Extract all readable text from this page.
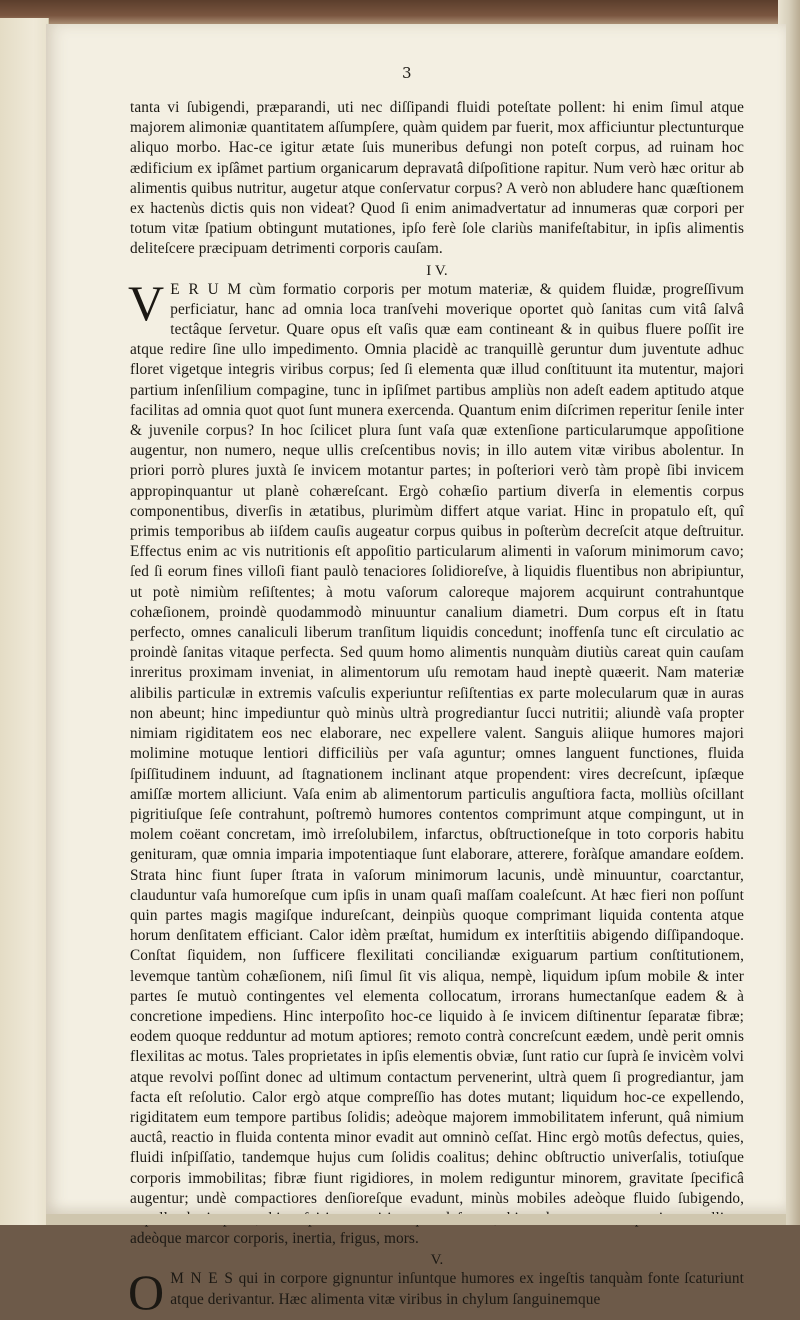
3

tanta vi ſubigendi, præparandi, uti nec diſſipandi fluidi poteſtate pollent: hi enim ſimul atque majorem alimoniæ quantitatem aſſumpſere, quàm quidem par fuerit, mox afficiuntur plectunturque aliquo morbo. Hac-ce igitur ætate ſuis muneribus defungi non poteſt corpus, ad ruinam hoc ædificium ex ipſâmet partium organicarum depravatâ diſpoſitione rapitur. Num verò hæc oritur ab alimentis quibus nutritur, augetur atque conſervatur corpus? A verò non abludere hanc quæſtionem ex hactenùs dictis quis non videat? Quod ſi enim animadvertatur ad innumeras quæ corpori per totum vitæ ſpatium obtingunt mutationes, ipſo ferè ſole clariùs manifeſtabitur, in ipſis alimentis deliteſcere præcipuam detrimenti corporis cauſam.

I V.
V E R U M cùm formatio corporis per motum materiæ, & quidem fluidæ, progreſſivum perficiatur, hanc ad omnia loca tranſvehi moverique oportet quò ſanitas cum vitâ ſalvâ tectâque ſervetur. Quare opus eſt vaſis quæ eam contineant & in quibus fluere poſſit ire atque redire ſine ullo impedimento. Omnia placidè ac tranquillè geruntur dum juventute adhuc floret vigetque integris viribus corpus; ſed ſi elementa quæ illud conſtituunt ita mutentur, majori partium inſenſilium compagine, tunc in ipſiſmet partibus ampliùs non adeſt eadem aptitudo atque facilitas ad omnia quot quot ſunt munera exercenda. Quantum enim diſcrimen reperitur ſenile inter & juvenile corpus? In hoc ſcilicet plura ſunt vaſa quæ extenſione particularumque appoſitione augentur, non numero, neque ullis creſcentibus novis; in illo autem vitæ viribus abolentur. In priori porrò plures juxtà ſe invicem motantur partes; in poſteriori verò tàm propè ſibi invicem appropinquantur ut planè cohæreſcant. Ergò cohæſio partium diverſa in elementis corpus componentibus, diverſis in ætatibus, plurimùm differt atque variat. Hinc in propatulo eſt, quî primis temporibus ab iiſdem cauſis augeatur corpus quibus in poſterùm decreſcit atque deſtruitur. Effectus enim ac vis nutritionis eſt appoſitio particularum alimenti in vaſorum minimorum cavo; ſed ſi eorum fines villoſi fiant paulò tenaciores ſolidioreſve, à liquidis fluentibus non abripiuntur, ut potè nimiùm reſiſtentes; à motu vaſorum caloreque majorem acquirunt contrahuntque cohæſionem, proindè quodammodò minuuntur canalium diametri. Dum corpus eſt in ſtatu perfecto, omnes canaliculi liberum tranſitum liquidis concedunt; inoffenſa tunc eſt circulatio ac proindè ſanitas vitaque perfecta. Sed quum homo alimentis nunquàm diutiùs careat quin cauſam inreritus proximam inveniat, in alimentorum uſu remotam haud ineptè quæerit. Nam materiæ alibilis particulæ in extremis vaſculis experiuntur reſiſtentias ex parte molecularum quæ in auras non abeunt; hinc impediuntur quò minùs ultrà progrediantur ſucci nutritii; aliundè vaſa propter nimiam rigiditatem eos nec elaborare, nec expellere valent. Sanguis aliique humores majori molimine motuque lentiori difficiliùs per vaſa aguntur; omnes languent functiones, fluida ſpiſſitudinem induunt, ad ſtagnationem inclinant atque propendent: vires decreſcunt, ipſæque amiſſæ mortem alliciunt. Vaſa enim ab alimentorum particulis anguſtiora facta, molliùs oſcillant pigritiuſque ſeſe contrahunt, poſtremò humores contentos comprimunt atque compingunt, ut in molem coëant concretam, imò irreſolubilem, infarctus, obſtructioneſque in toto corporis habitu genituram, quæ omnia imparia impotentiaque ſunt elaborare, atterere, foràſque amandare eoſdem. Strata hinc fiunt ſuper ſtrata in vaſorum minimorum lacunis, undè minuuntur, coarctantur, clauduntur vaſa humoreſque cum ipſis in unam quaſi maſſam coaleſcunt. At hæc fieri non poſſunt quin partes magis magiſque indureſcant, deinpiùs quoque comprimant liquida contenta atque horum denſitatem efficiant. Calor idèm præſtat, humidum ex interſtitiis abigendo diſſipandoque. Conſtat ſiquidem, non ſufficere flexilitati conciliandæ exiguarum partium conſtitutionem, levemque tantùm cohæſionem, niſi ſimul ſit vis aliqua, nempè, liquidum ipſum mobile & inter partes ſe mutuò contingentes vel elementa collocatum, irrorans humectanſque eadem & à concretione impediens. Hinc interpoſito hoc-ce liquido à ſe invicem diſtinentur ſeparatæ fibræ; eodem quoque redduntur ad motum aptiores; remoto contrà concreſcunt eædem, undè perit omnis flexilitas ac motus. Tales proprietates in ipſis elementis obviæ, ſunt ratio cur ſuprà ſe invicèm volvi atque revolvi poſſint donec ad ultimum contactum pervenerint, ultrà quem ſi progrediantur, jam facta eſt reſolutio. Calor ergò atque compreſſio has dotes mutant; liquidum hoc-ce expellendo, rigiditatem eum tempore partibus ſolidis; adeòque majorem immobilitatem inferunt, quâ nimium auctâ, reactio in fluida contenta minor evadit aut omninò ceſſat. Hinc ergò motûs defectus, quies, fluidi inſpiſſatio, tandemque hujus cum ſolidis coalitus; dehinc obſtructio univerſalis, totiuſque corporis immobilitas; fibræ fiunt rigidiores, in molem rediguntur minorem, gravitate ſpecificâ augentur; undè compactiores denſioreſque evadunt, minùs mobiles adeòque fluido ſubigendo, adeòque marcor corporis, inertia, frigus, mors.
V.
O M N E S qui in corpore gignuntur inſuntque humores ex ingeſtis tanquàm fonte ſcaturiunt atque derivantur. Hæc alimenta vitæ viribus in chylum ſanguinemque
